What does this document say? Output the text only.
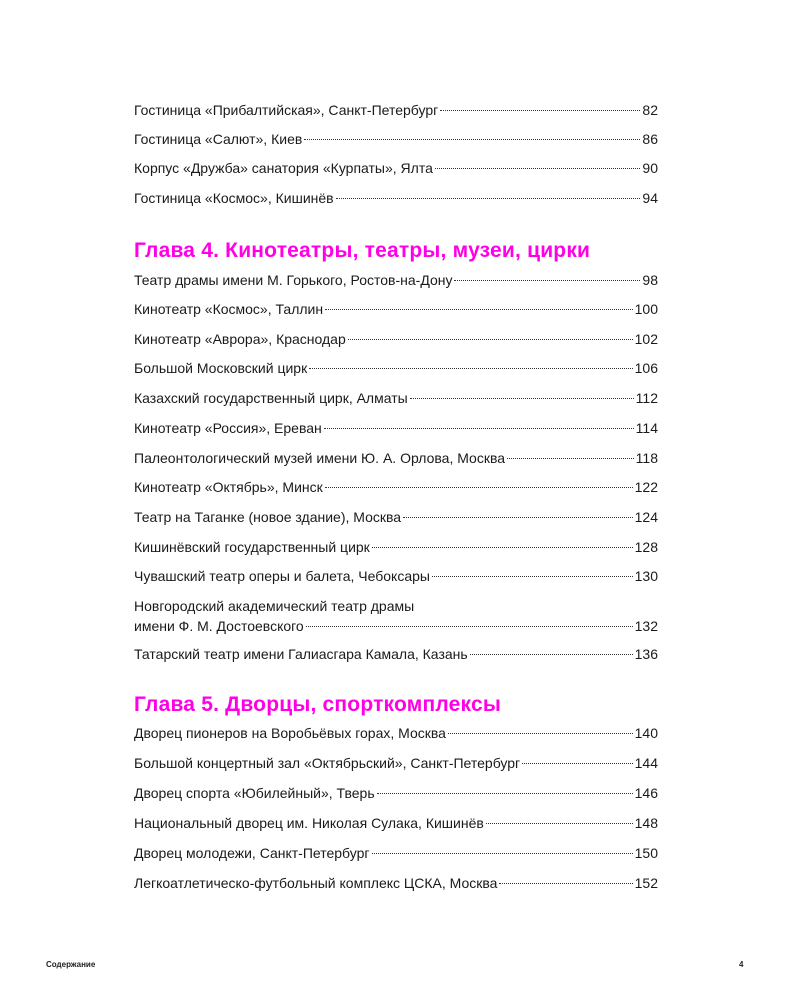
Гостиница «Прибалтийская», Санкт-Петербург	82
Гостиница «Салют», Киев	86
Корпус «Дружба» санатория «Курпаты», Ялта	90
Гостиница «Космос», Кишинёв	94
Глава 4. Кинотеатры, театры, музеи, цирки
Театр драмы имени М. Горького, Ростов-на-Дону	98
Кинотеатр «Космос», Таллин	100
Кинотеатр «Аврора», Краснодар	102
Большой Московский цирк	106
Казахский государственный цирк, Алматы	112
Кинотеатр «Россия», Ереван	114
Палеонтологический музей имени Ю. А. Орлова, Москва	118
Кинотеатр «Октябрь», Минск	122
Театр на Таганке (новое здание), Москва	124
Кишинёвский государственный цирк	128
Чувашский театр оперы и балета, Чебоксары	130
Новгородский академический театр драмы
имени Ф. М. Достоевского	132
Татарский театр имени Галиасгара Камала, Казань	136
Глава 5. Дворцы, спорткомплексы
Дворец пионеров на Воробьёвых горах, Москва	140
Большой концертный зал «Октябрьский», Санкт-Петербург	144
Дворец спорта «Юбилейный», Тверь	146
Национальный дворец им. Николая Сулака, Кишинёв	148
Дворец молодежи, Санкт-Петербург	150
Легкоатлетическо-футбольный комплекс ЦСКА, Москва	152
Содержание	4
